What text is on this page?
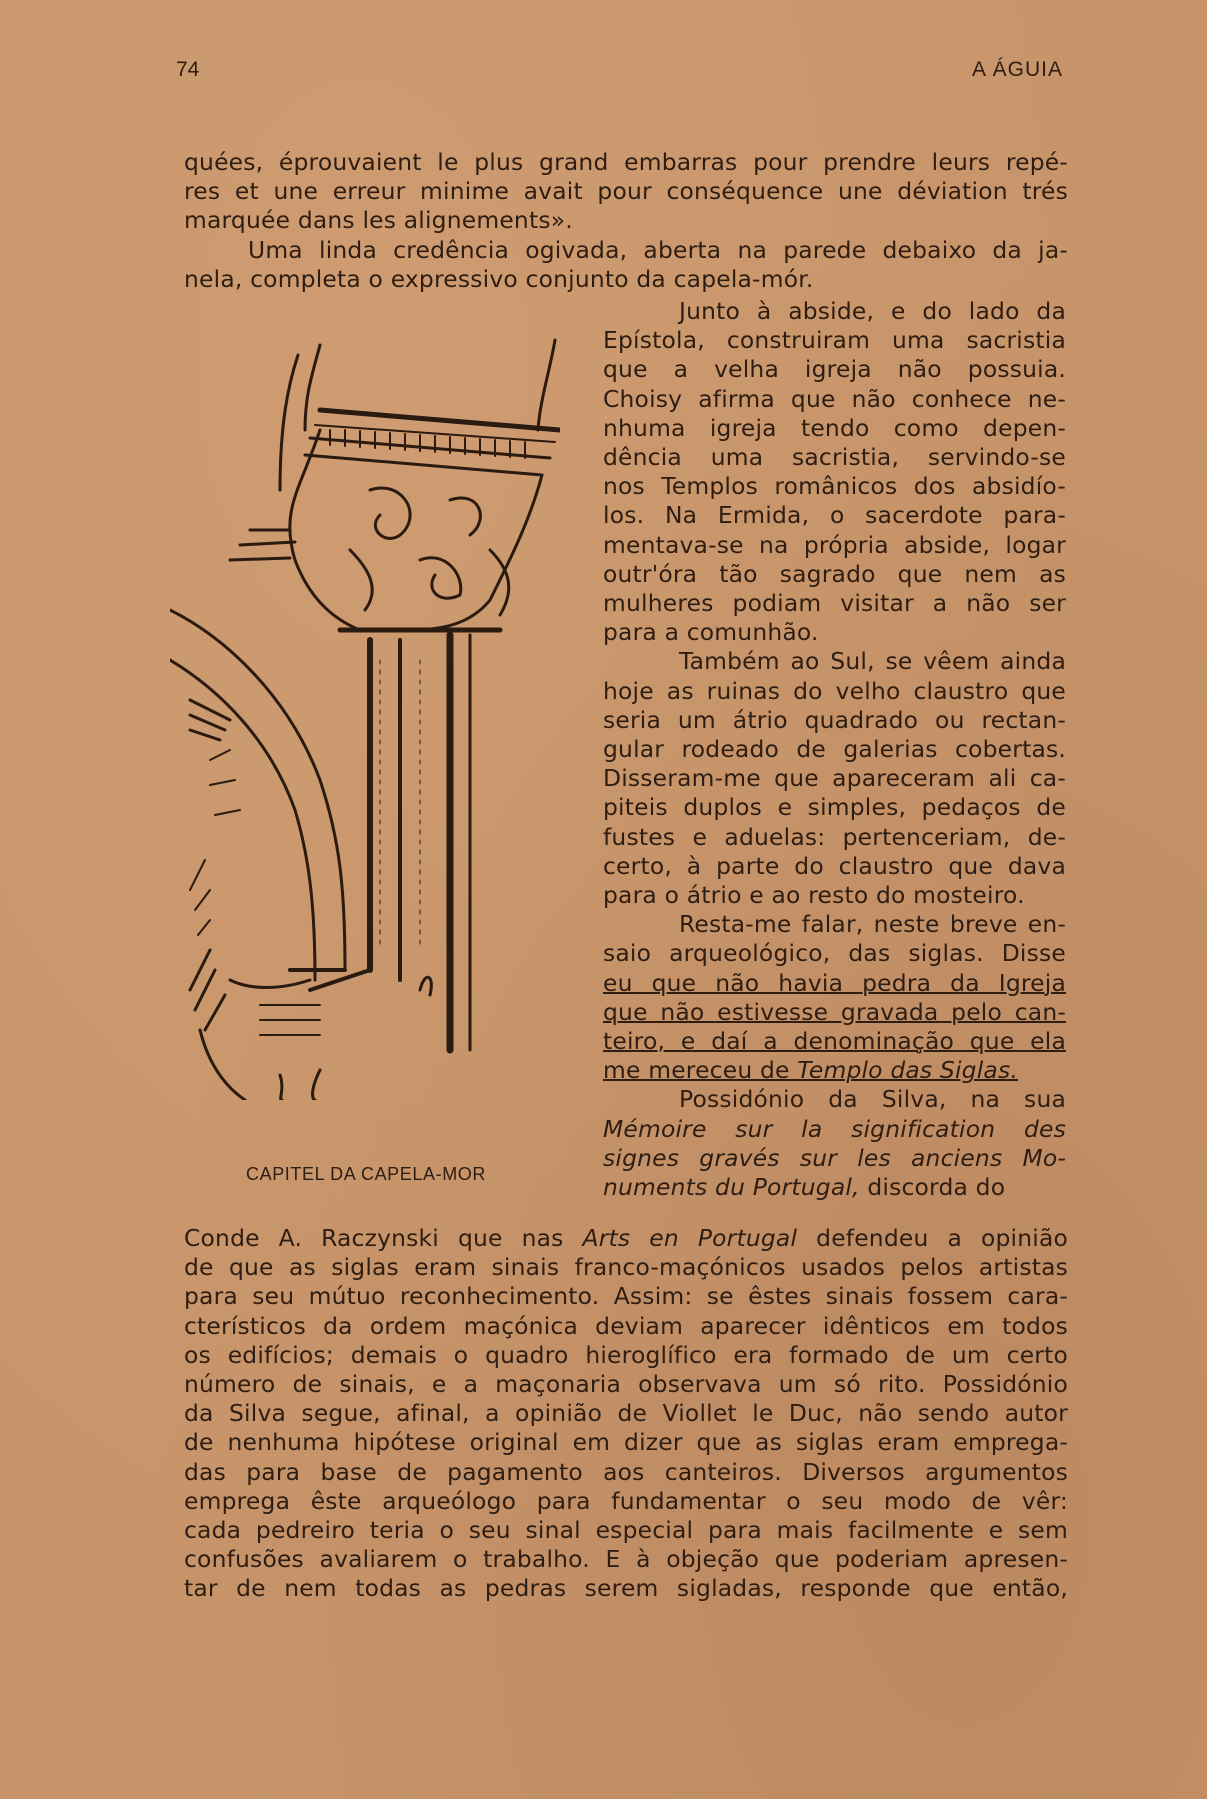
74	A ÁGUIA
quées, éprouvaient le plus grand embarras pour prendre leurs repé-
res et une erreur minime avait pour conséquence une déviation trés
marquée dans les alignements».
Uma linda credência ogivada, aberta na parede debaixo da ja-
nela, completa o expressivo conjunto da capela-mór.
Junto à abside, e do lado da
Epístola, construiram uma sacristia
que a velha igreja não possuia.
Choisy afirma que não conhece ne-
nhuma igreja tendo como depen-
dência uma sacristia, servindo-se
nos Templos românicos dos absidío-
los. Na Ermida, o sacerdote para-
mentava-se na própria abside, logar
outr'óra tão sagrado que nem as
mulheres podiam visitar a não ser
para a comunhão.
Também ao Sul, se vêem ainda
hoje as ruinas do velho claustro que
seria um átrio quadrado ou rectan-
gular rodeado de galerias cobertas.
Disseram-me que apareceram ali ca-
piteis duplos e simples, pedaços de
fustes e aduelas: pertenceriam, de-
certo, à parte do claustro que dava
para o átrio e ao resto do mosteiro.
Resta-me falar, neste breve en-
saio arqueológico, das siglas. Disse
eu que não havia pedra da Igreja
que não estivesse gravada pelo can-
teiro, e daí a denominação que ela
me mereceu de Templo das Siglas.
Possidónio da Silva, na sua
Mémoire sur la signification des
signes gravés sur les anciens Mo-
numents du Portugal, discorda do
CAPITEL DA CAPELA-MOR
Conde A. Raczynski que nas Arts en Portugal defendeu a opinião
de que as siglas eram sinais franco-maçónicos usados pelos artistas
para seu mútuo reconhecimento. Assim: se êstes sinais fossem cara-
cterísticos da ordem maçónica deviam aparecer idênticos em todos
os edifícios; demais o quadro hieroglífico era formado de um certo
número de sinais, e a maçonaria observava um só rito. Possidónio
da Silva segue, afinal, a opinião de Viollet le Duc, não sendo autor
de nenhuma hipótese original em dizer que as siglas eram emprega-
das para base de pagamento aos canteiros. Diversos argumentos
emprega êste arqueólogo para fundamentar o seu modo de vêr:
cada pedreiro teria o seu sinal especial para mais facilmente e sem
confusões avaliarem o trabalho. E à objeção que poderiam apresen-
tar de nem todas as pedras serem sigladas, responde que então,
